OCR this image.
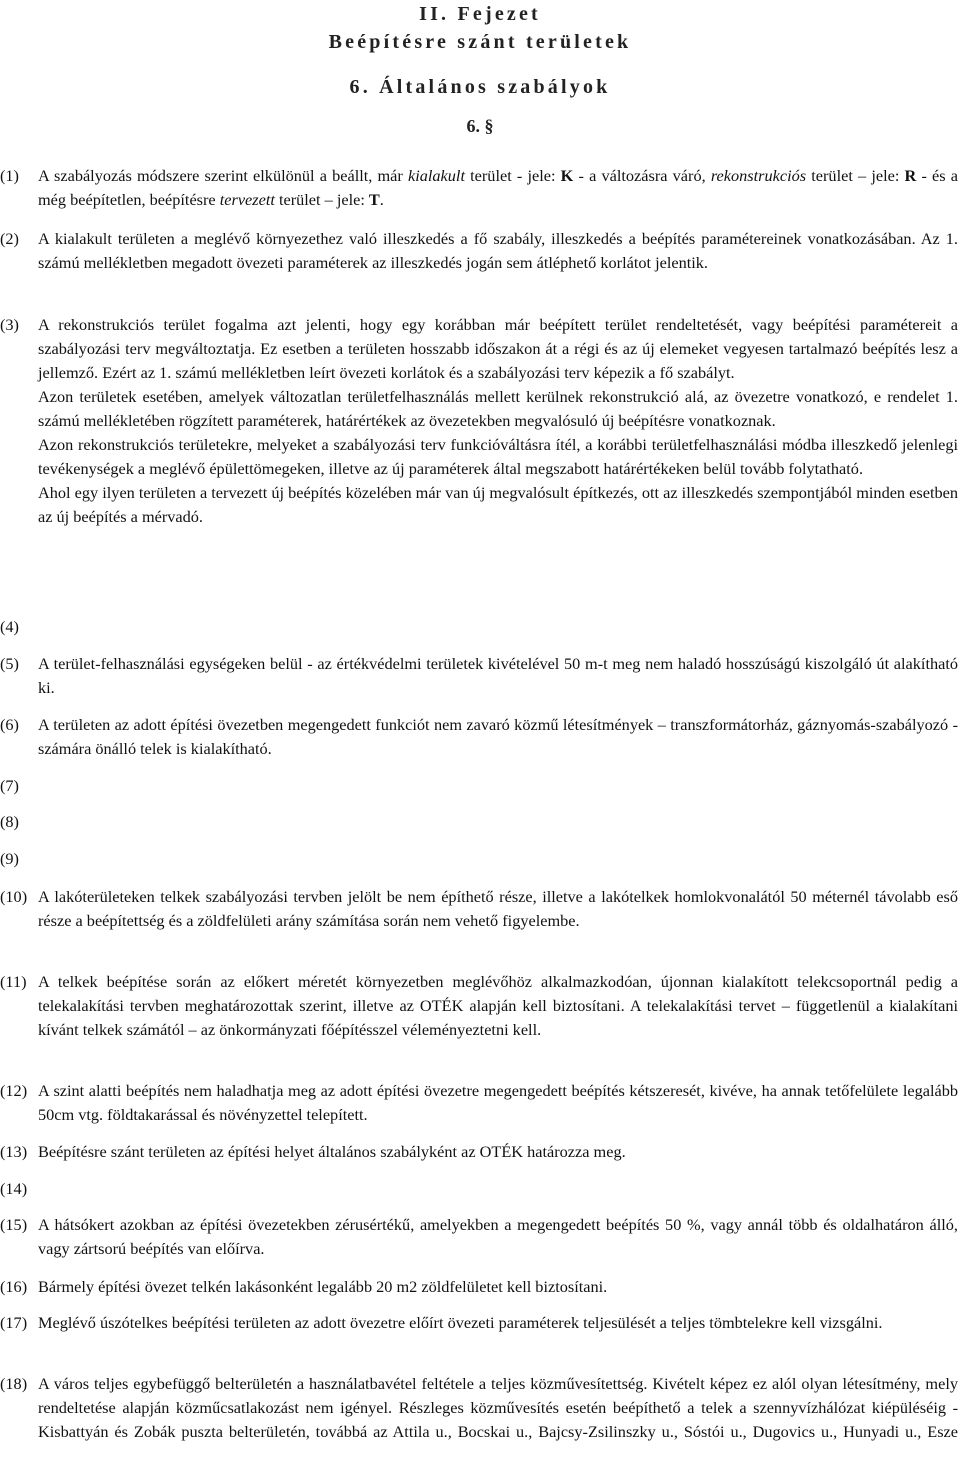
II. Fejezet
Beépítésre szánt területek
6. Általános szabályok
6. §
(1) A szabályozás módszere szerint elkülönül a beállt, már kialakult terület - jele: K - a változásra váró, rekonstrukciós terület – jele: R - és a még beépítetlen, beépítésre tervezett terület – jele: T.

(2) A kialakult területen a meglévő környezethez való illeszkedés a fő szabály, illeszkedés a beépítés paramétereinek vonatkozásában. Az 1. számú mellékletben megadott övezeti paraméterek az illeszkedés jogán sem átléphető korlátot jelentik.

(3) A rekonstrukciós terület fogalma azt jelenti, hogy egy korábban már beépített terület rendeltetését, vagy beépítési paramétereit a szabályozási terv megváltoztatja. Ez esetben a területen hosszabb időszakon át a régi és az új elemeket vegyesen tartalmazó beépítés lesz a jellemző. Ezért az 1. számú mellékletben leírt övezeti korlátok és a szabályozási terv képezik a fő szabályt.

Azon területek esetében, amelyek változatlan területfelhasználás mellett kerülnek rekonstrukció alá, az övezetre vonatkozó, e rendelet 1. számú mellékletében rögzített paraméterek, határértékek az övezetekben megvalósuló új beépítésre vonatkoznak.

Azon rekonstrukciós területekre, melyeket a szabályozási terv funkcióváltásra ítél, a korábbi területfelhasználási módba illeszkedő jelenlegi tevékenységek a meglévő épülettömegeken, illetve az új paraméterek által megszabott határértékeken belül tovább folytatható.

Ahol egy ilyen területen a tervezett új beépítés közelében már van új megvalósult építkezés, ott az illeszkedés szempontjából minden esetben az új beépítés a mérvadó.

(4)
(5) A terület-felhasználási egységeken belül - az értékvédelmi területek kivételével 50 m-t meg nem haladó hosszúságú kiszolgáló út alakítható ki.

(6) A területen az adott építési övezetben megengedett funkciót nem zavaró közmű létesítmények – transzformátorház, gáznyomás-szabályozó - számára önálló telek is kialakítható.

(7)
(8)
(9)
(10) A lakóterületeken telkek szabályozási tervben jelölt be nem építhető része, illetve a lakótelkek homlokvonalától 50 méternél távolabb eső része a beépítettség és a zöldfelületi arány számítása során nem vehető figyelembe.

(11) A telkek beépítése során az előkert méretét környezetben meglévőhöz alkalmazkodóan, újonnan kialakított telekcsoportnál pedig a telekalakítási tervben meghatározottak szerint, illetve az OTÉK alapján kell biztosítani. A telekalakítási tervet – függetlenül a kialakítani kívánt telkek számától – az önkormányzati főépítésszel véleményeztetni kell.

(12) A szint alatti beépítés nem haladhatja meg az adott építési övezetre megengedett beépítés kétszeresét, kivéve, ha annak tetőfelülete legalább 50cm vtg. földtakarással és növényzettel telepített.

(13) Beépítésre szánt területen az építési helyet általános szabályként az OTÉK határozza meg.

(14)
(15) A hátsókert azokban az építési övezetekben zérusértékű, amelyekben a megengedett beépítés 50 %, vagy annál több és oldalhatáron álló, vagy zártsorú beépítés van előírva.

(16) Bármely építési övezet telkén lakásonként legalább 20 m2 zöldfelületet kell biztosítani.

(17) Meglévő úszótelkes beépítési területen az adott övezetre előírt övezeti paraméterek teljesülését a teljes tömbtelekre kell vizsgálni.

(18) A város teljes egybefüggő belterületén a használatbavétel feltétele a teljes közművesítettség. Kivételt képez ez alól olyan létesítmény, mely rendeltetése alapján közműcsatlakozást nem igényel. Részleges közművesítés esetén beépíthető a telek a szennyvízhálózat kiépüléséig - Kisbattyán és Zobák puszta belterületén, továbbá az Attila u., Bocskai u., Bajcsy-Zsilinszky u., Sóstói u., Dugovics u., Hunyadi u., Esze
